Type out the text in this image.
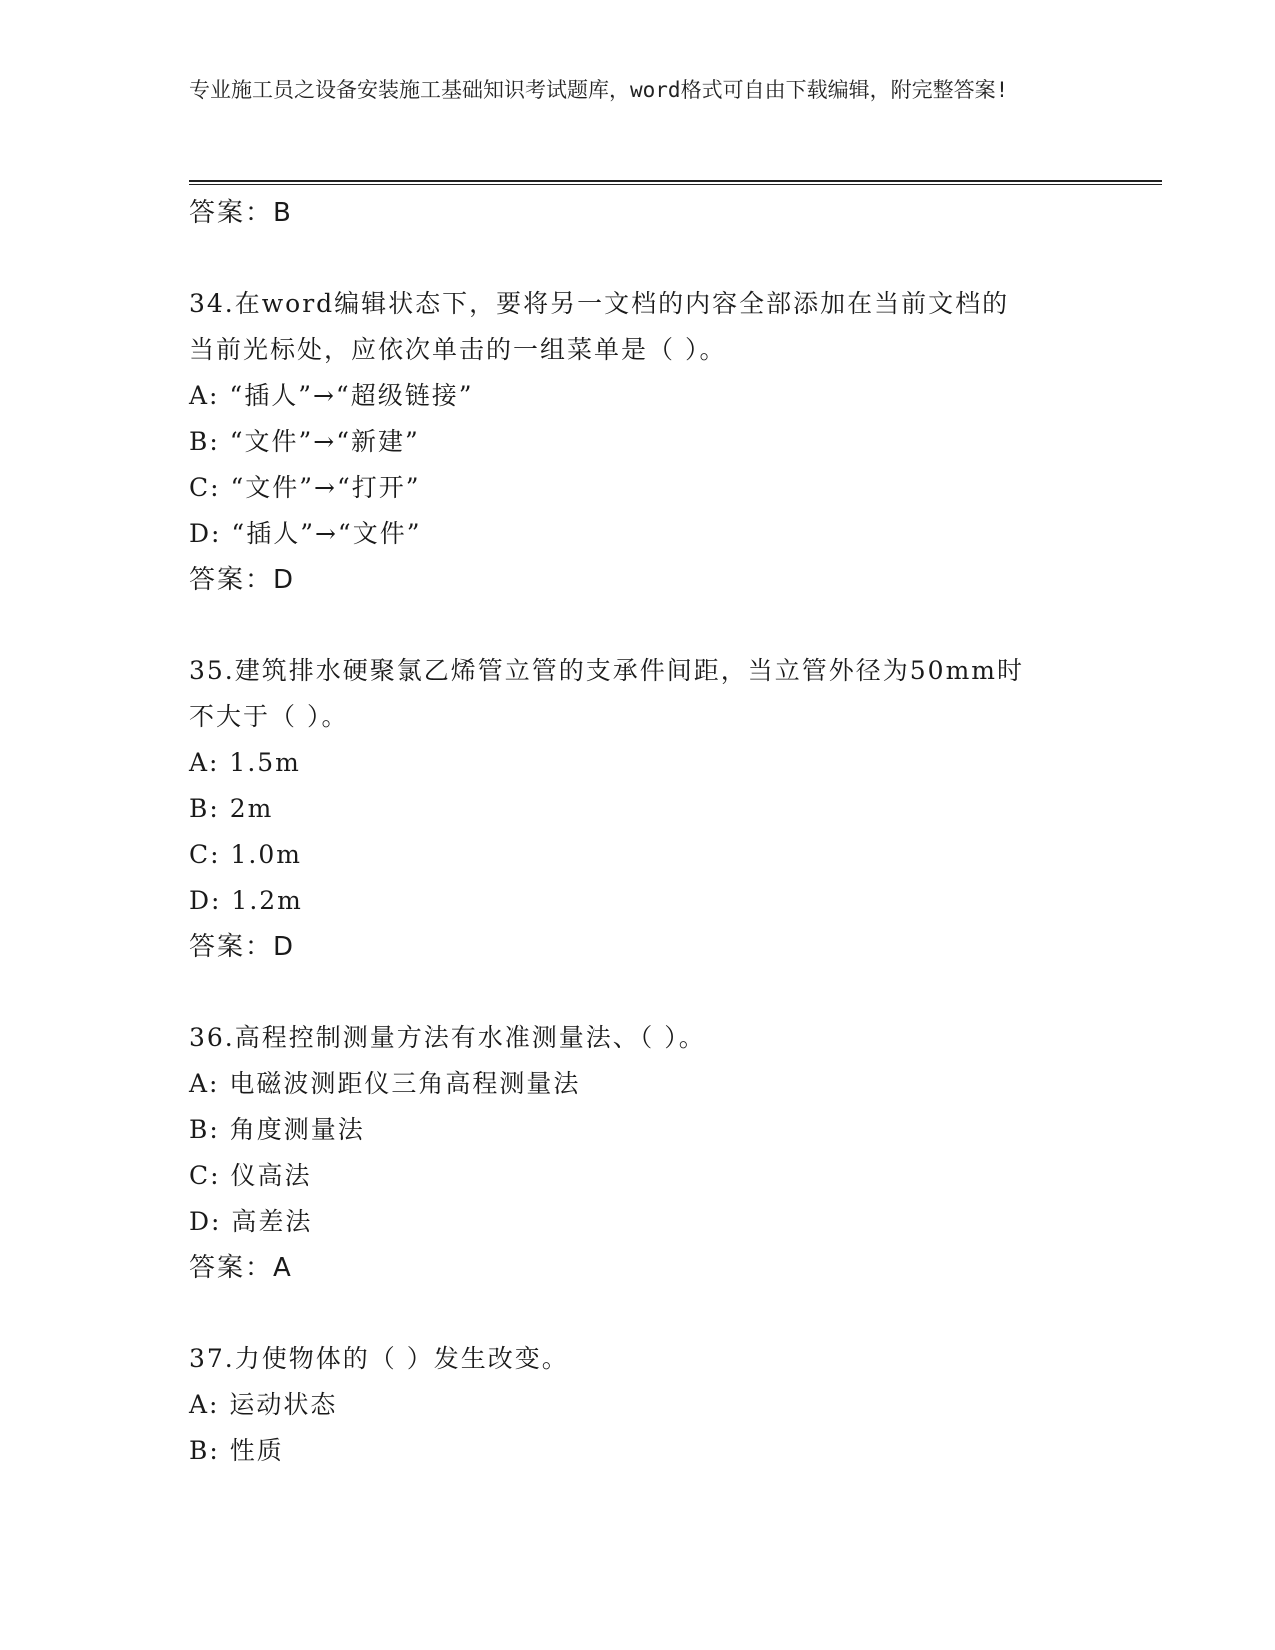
专业施工员之设备安装施工基础知识考试题库，word格式可自由下载编辑，附完整答案!
答案：B
34.在word编辑状态下，要将另一文档的内容全部添加在当前文档的
当前光标处，应依次单击的一组菜单是（ ）。
A: “插人”→“超级链接”
B: “文件”→“新建”
C: “文件”→“打开”
D: “插人”→“文件”
答案：D
35.建筑排水硬聚氯乙烯管立管的支承件间距，当立管外径为50mm时
不大于（ ）。
A: 1.5m
B: 2m
C: 1.0m
D: 1.2m
答案：D
36.高程控制测量方法有水准测量法、（ ）。
A: 电磁波测距仪三角高程测量法
B: 角度测量法
C: 仪高法
D: 高差法
答案：A
37.力使物体的（ ）发生改变。
A: 运动状态
B: 性质
